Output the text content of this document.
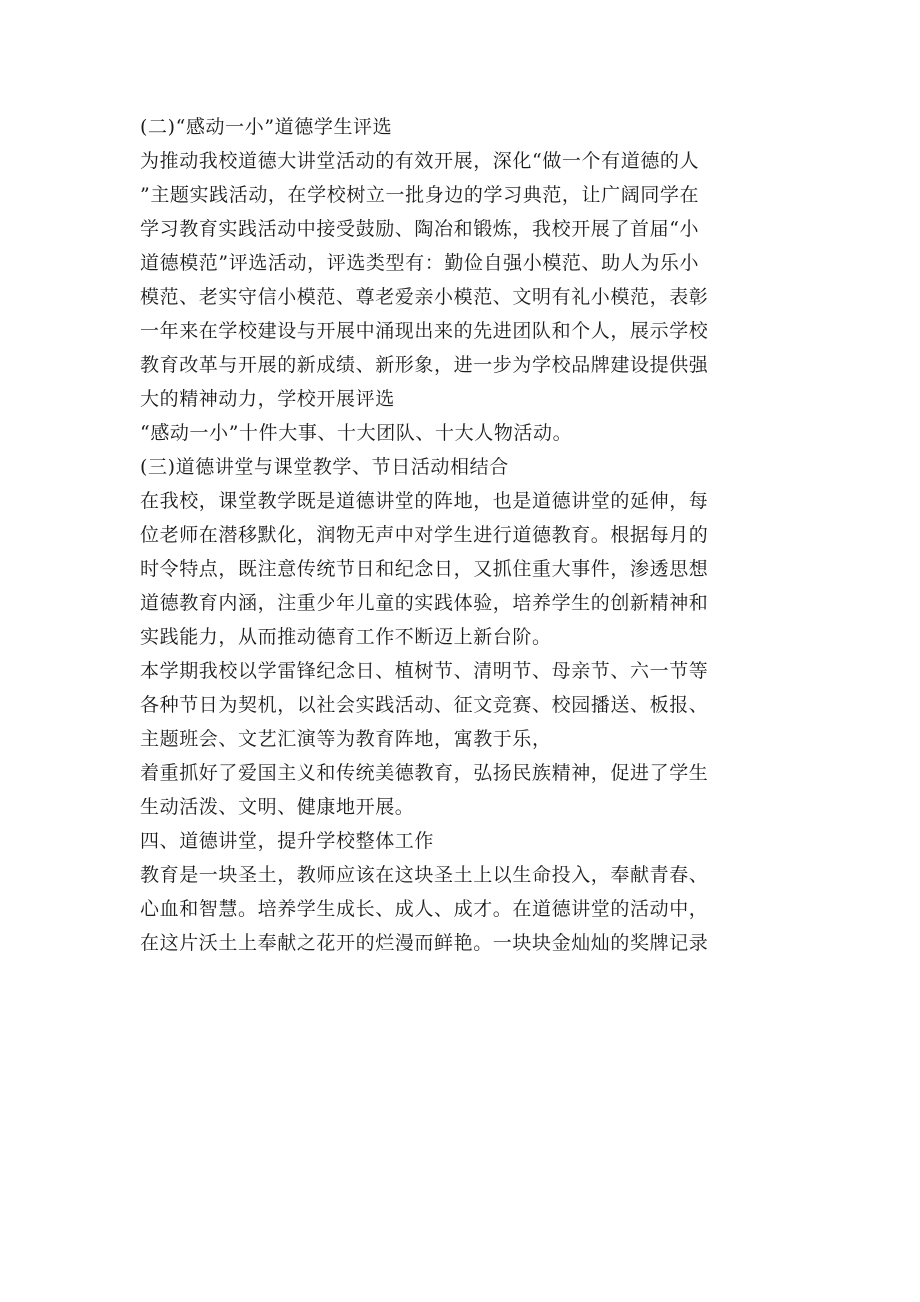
(二)“感动一小”道德学生评选
为推动我校道德大讲堂活动的有效开展，深化“做一个有道德的人
”主题实践活动，在学校树立一批身边的学习典范，让广阔同学在
学习教育实践活动中接受鼓励、陶冶和锻炼，我校开展了首届“小
道德模范”评选活动，评选类型有：勤俭自强小模范、助人为乐小
模范、老实守信小模范、尊老爱亲小模范、文明有礼小模范，表彰
一年来在学校建设与开展中涌现出来的先进团队和个人，展示学校
教育改革与开展的新成绩、新形象，进一步为学校品牌建设提供强
大的精神动力，学校开展评选
“感动一小”十件大事、十大团队、十大人物活动。
(三)道德讲堂与课堂教学、节日活动相结合
在我校，课堂教学既是道德讲堂的阵地，也是道德讲堂的延伸，每
位老师在潜移默化，润物无声中对学生进行道德教育。根据每月的
时令特点，既注意传统节日和纪念日，又抓住重大事件，渗透思想
道德教育内涵，注重少年儿童的实践体验，培养学生的创新精神和
实践能力，从而推动德育工作不断迈上新台阶。
本学期我校以学雷锋纪念日、植树节、清明节、母亲节、六一节等
各种节日为契机，以社会实践活动、征文竞赛、校园播送、板报、
主题班会、文艺汇演等为教育阵地，寓教于乐，
着重抓好了爱国主义和传统美德教育，弘扬民族精神，促进了学生
生动活泼、文明、健康地开展。
四、道德讲堂，提升学校整体工作
教育是一块圣土，教师应该在这块圣土上以生命投入，奉献青春、
心血和智慧。培养学生成长、成人、成才。在道德讲堂的活动中，
在这片沃土上奉献之花开的烂漫而鲜艳。一块块金灿灿的奖牌记录
